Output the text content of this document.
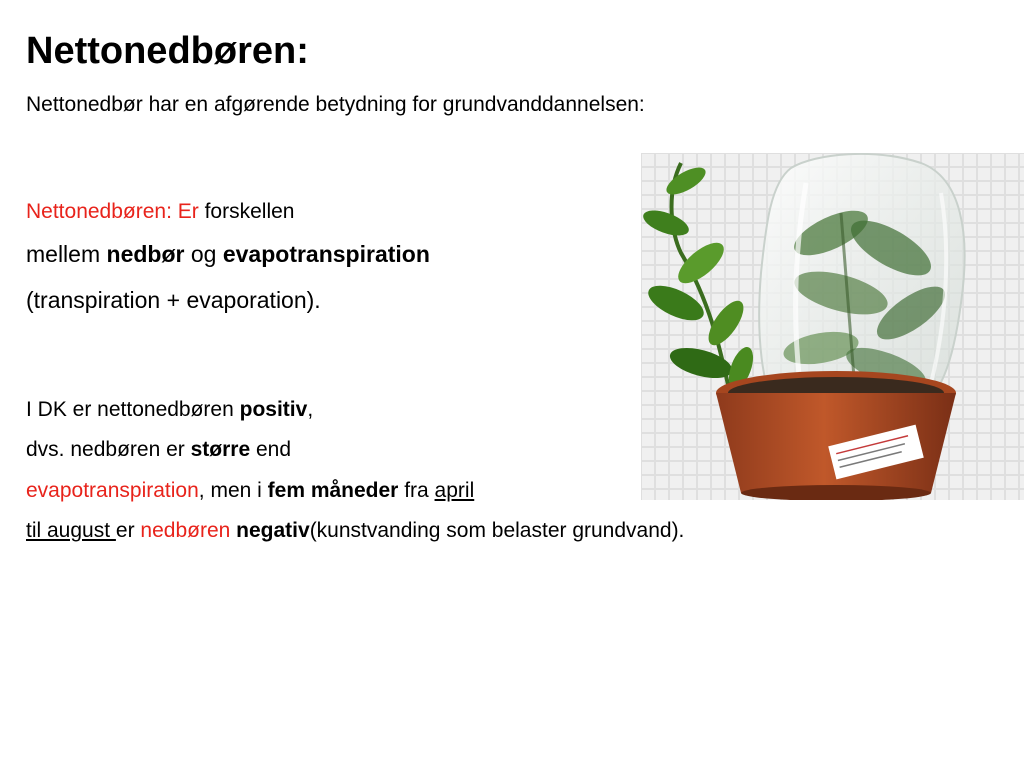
Nettonedbøren:

Nettonedbør har en afgørende betydning for grundvanddannelsen:

Nettonedbøren: Er forskellen

mellem nedbør og evapotranspiration

(transpiration + evaporation).

I DK er nettonedbøren positiv,

dvs. nedbøren er større end

evapotranspiration, men i fem måneder fra april

til august er nedbøren negativ(kunstvanding som belaster grundvand).
